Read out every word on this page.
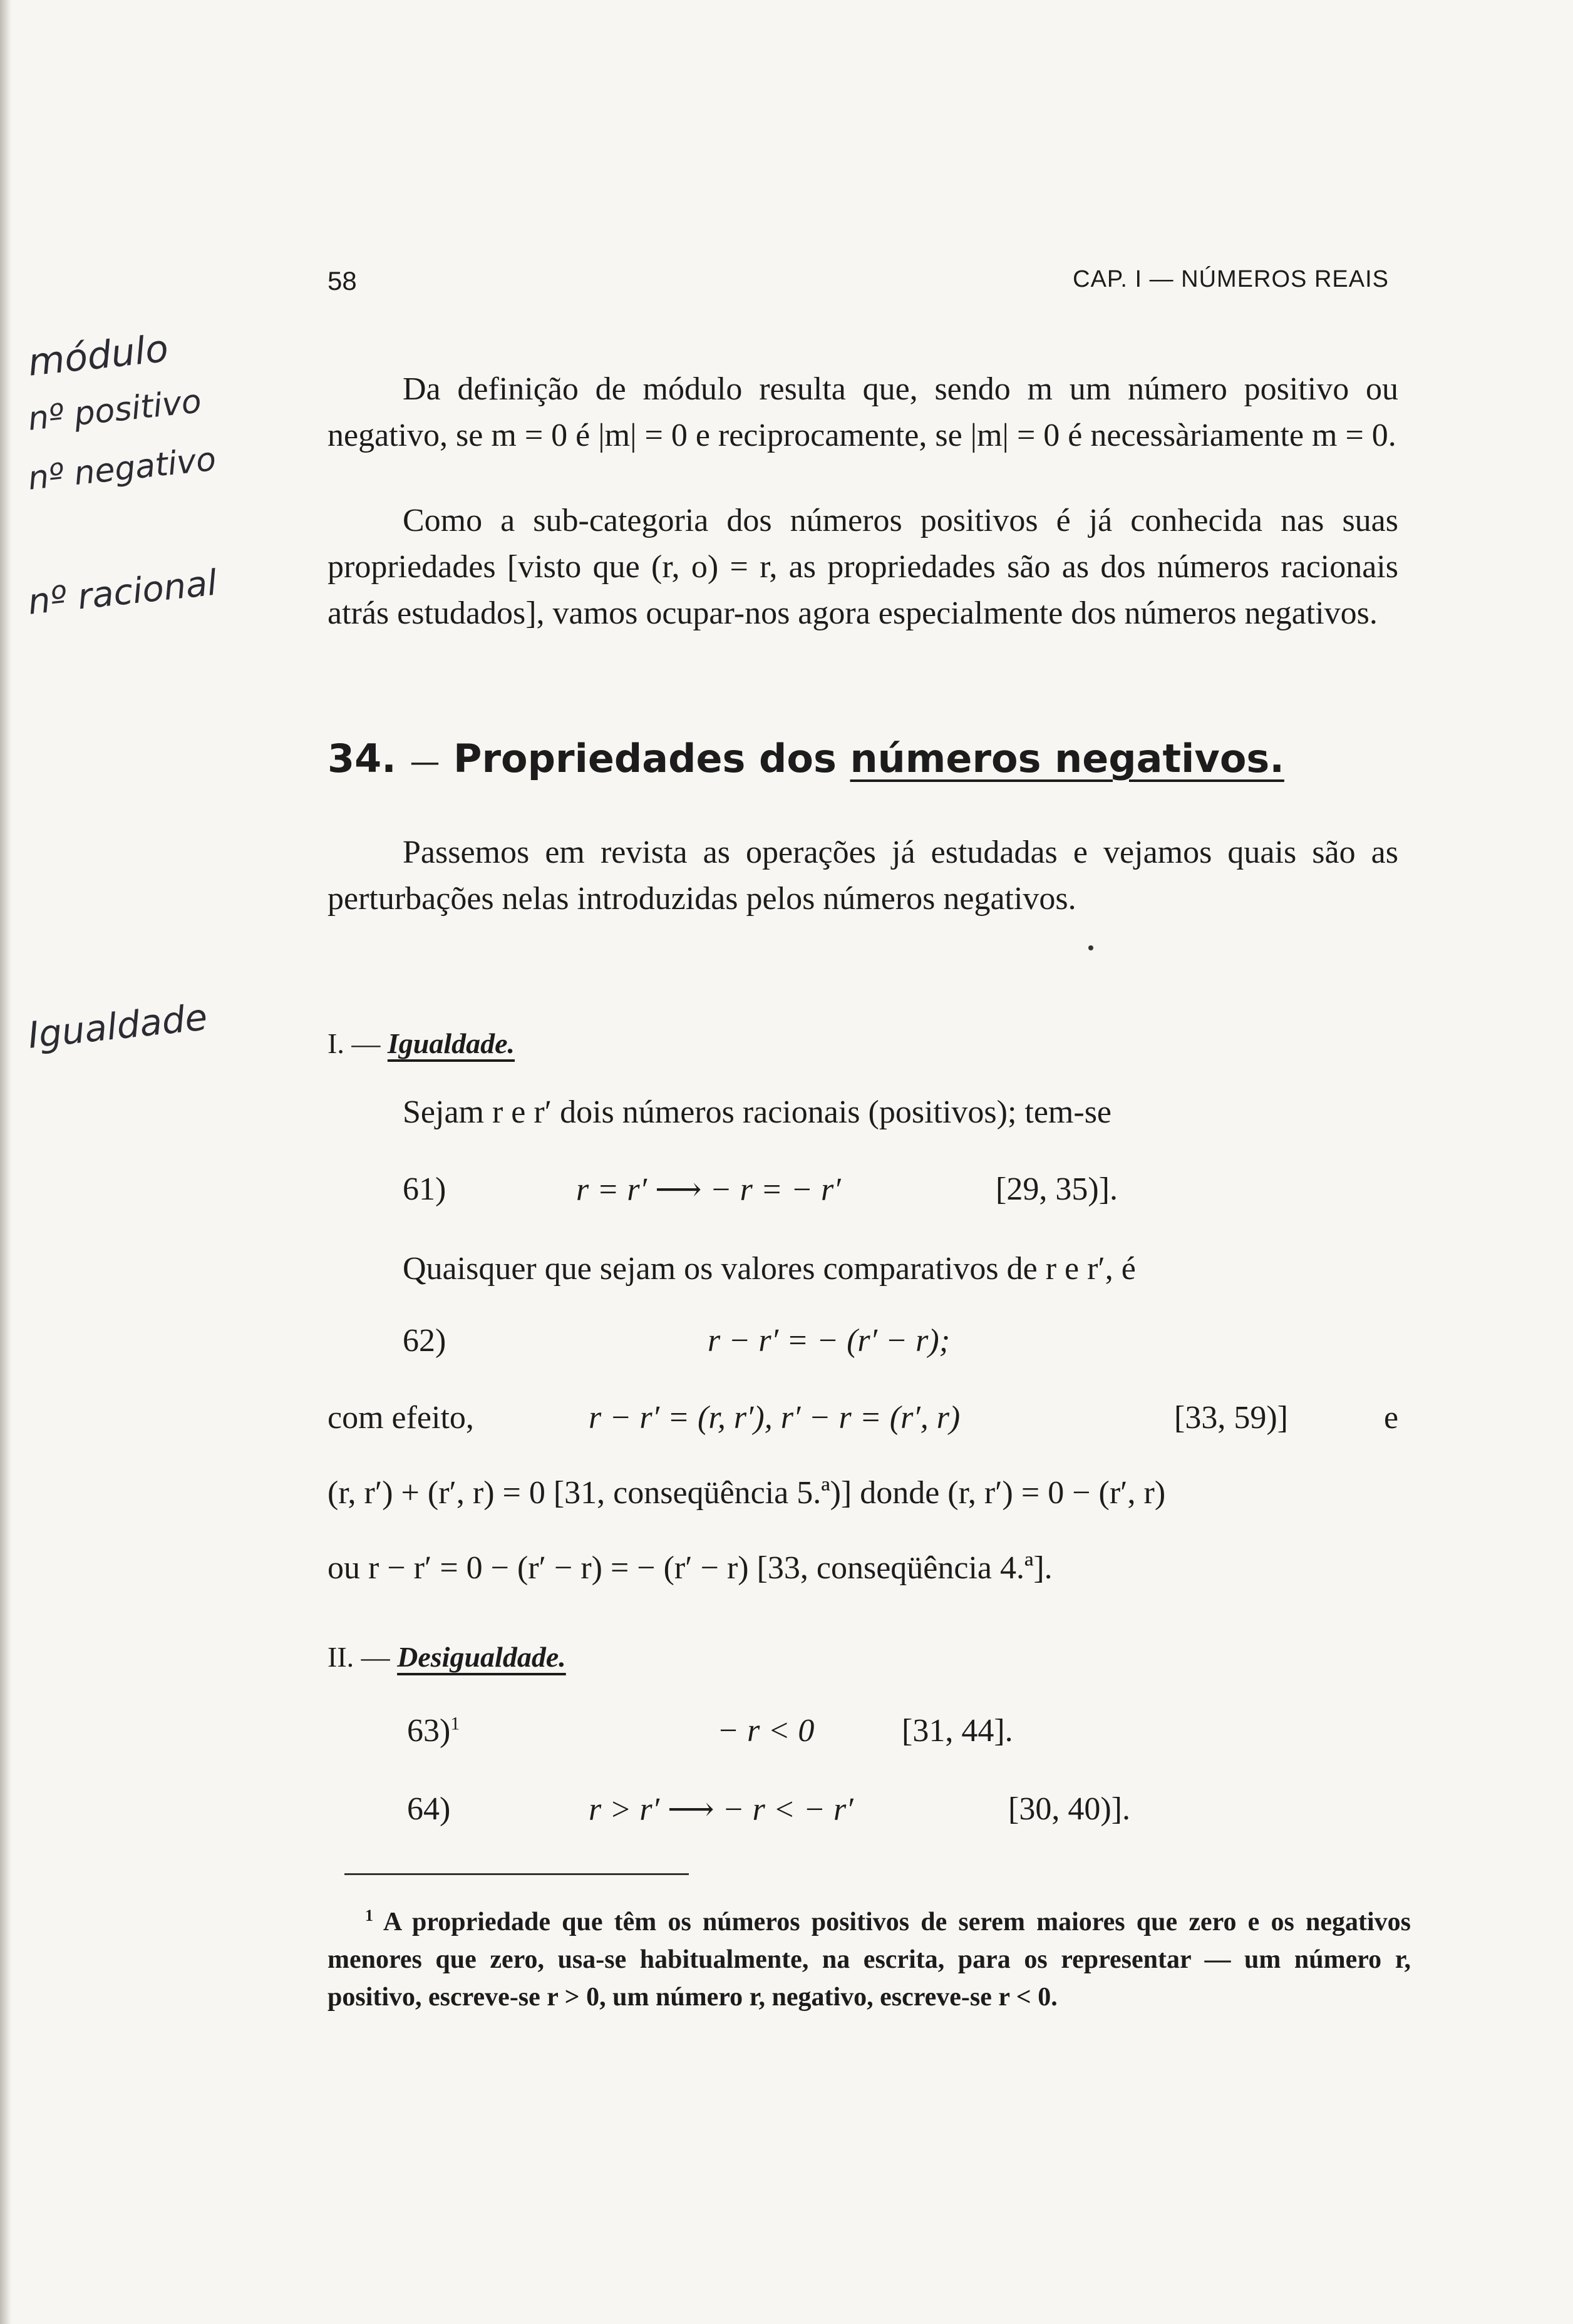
58	CAP. I — NÚMEROS REAIS
módulo
nº positivo
nº negativo
nº racional
Igualdade
Da definição de módulo resulta que, sendo m um número positivo ou negativo, se m = 0 é |m| = 0 e reciprocamente, se |m| = 0 é necessàriamente m = 0.
Como a sub-categoria dos números positivos é já conhecida nas suas propriedades [visto que (r, o) = r, as propriedades são as dos números racionais atrás estudados], vamos ocupar-nos agora especialmente dos números negativos.
34. — Propriedades dos números negativos.
Passemos em revista as operações já estudadas e vejamos quais são as perturbações nelas introduzidas pelos números negativos.
I. — Igualdade.
Sejam r e r′ dois números racionais (positivos); tem-se
61)	r = r′ ⟶ − r = − r′	[29, 35)].
Quaisquer que sejam os valores comparativos de r e r′, é
62)	r − r′ = − (r′ − r);
com efeito,	r − r′ = (r, r′), r′ − r = (r′, r)	[33, 59)]	e
(r, r′) + (r′, r) = 0 [31, conseqüência 5.ª)] donde (r, r′) = 0 − (r′, r)
ou r − r′ = 0 − (r′ − r) = − (r′ − r) [33, conseqüência 4.ª].
II. — Desigualdade.
63)$^1$	− r < 0	[31, 44].
64)	r > r′ ⟶ − r < − r′	[30, 40)].
$^1$ A propriedade que têm os números positivos de serem maiores que zero e os negativos menores que zero, usa-se habitualmente, na escrita, para os representar — um número r, positivo, escreve-se r > 0, um número r, negativo, escreve-se r < 0.
